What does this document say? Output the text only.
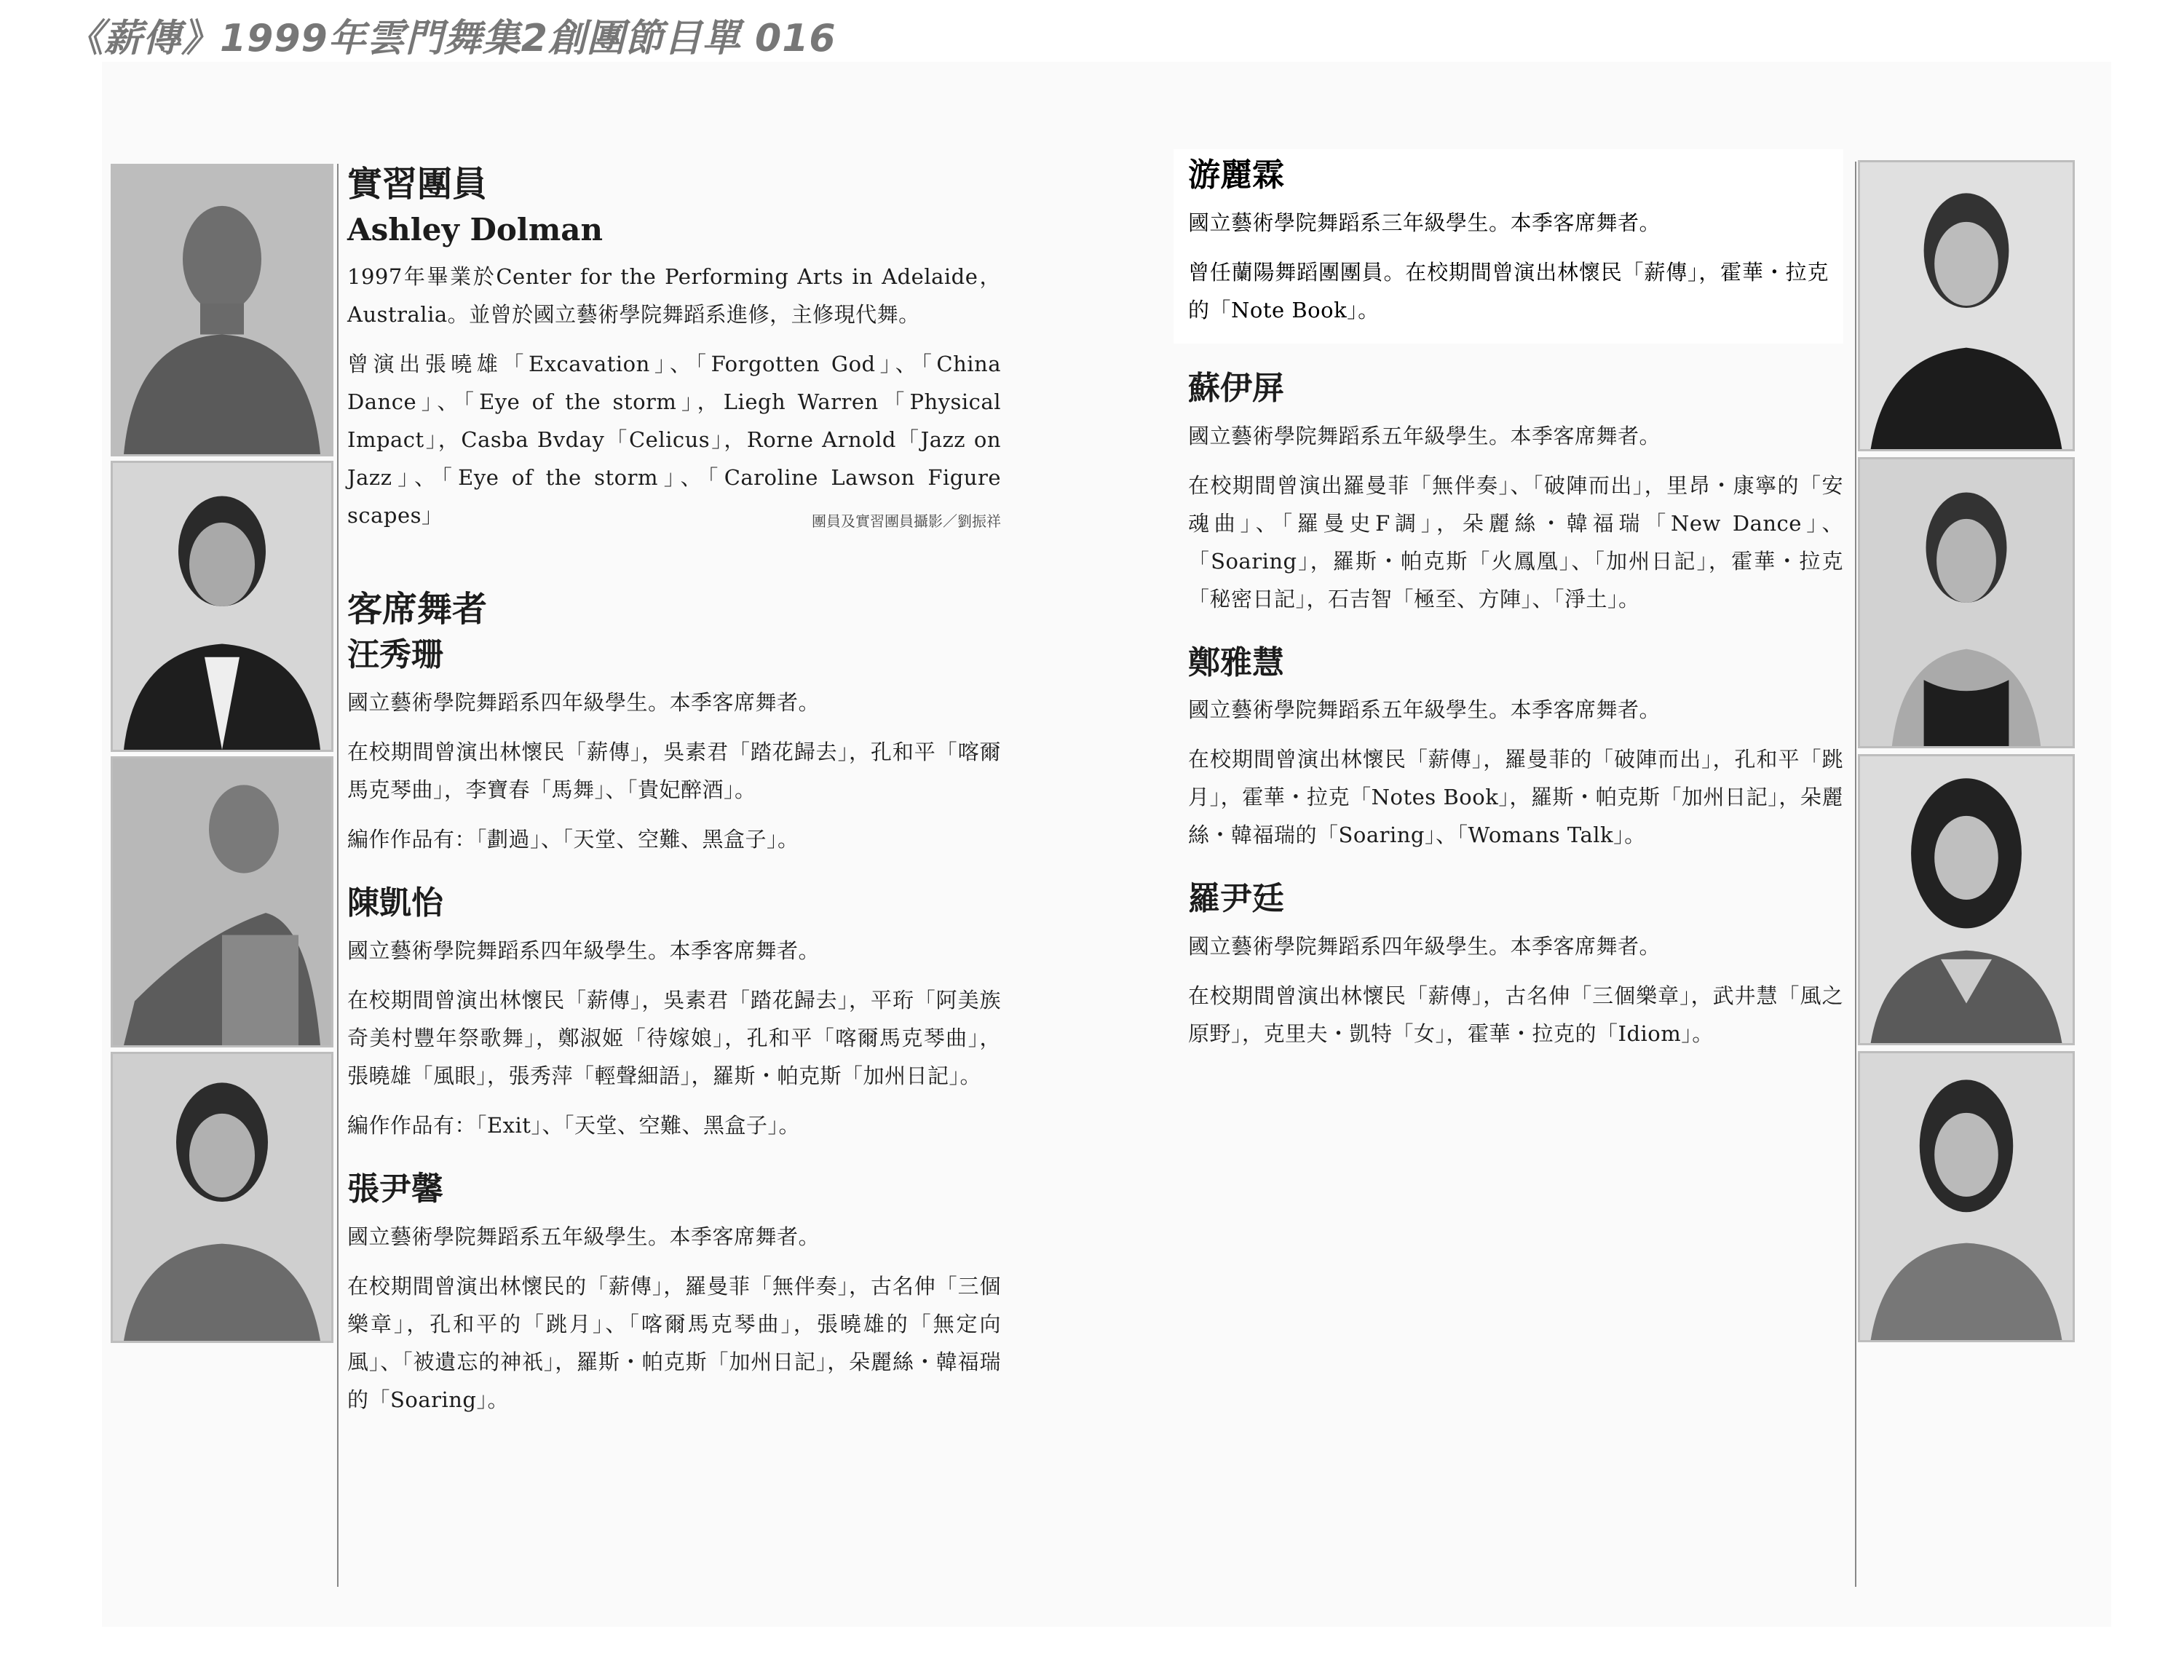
《薪傳》1999年雲門舞集2創團節目單 016
實習團員
Ashley Dolman

1997年畢業於Center for the Performing Arts in Adelaide，Australia。並曾於國立藝術學院舞蹈系進修，主修現代舞。

曾演出張曉雄「Excavation」、「Forgotten God」、「China Dance」、「Eye of the storm」，Liegh Warren「Physical Impact」，Casba Bvday「Celicus」，Rorne Arnold「Jazz on Jazz」、「Eye of the storm」、「Caroline Lawson Figure scapes」	團員及實習團員攝影／劉振祥
客席舞者
汪秀珊

國立藝術學院舞蹈系四年級學生。本季客席舞者。

在校期間曾演出林懷民「薪傳」，吳素君「踏花歸去」，孔和平「喀爾馬克琴曲」，李寶春「馬舞」、「貴妃醉酒」。

編作作品有：「劃過」、「天堂、空難、黑盒子」。

陳凱怡

國立藝術學院舞蹈系四年級學生。本季客席舞者。

在校期間曾演出林懷民「薪傳」，吳素君「踏花歸去」，平珩「阿美族奇美村豐年祭歌舞」，鄭淑姬「待嫁娘」，孔和平「喀爾馬克琴曲」，張曉雄「風眼」，張秀萍「輕聲細語」，羅斯・帕克斯「加州日記」。

編作作品有：「Exit」、「天堂、空難、黑盒子」。

張尹馨

國立藝術學院舞蹈系五年級學生。本季客席舞者。

在校期間曾演出林懷民的「薪傳」，羅曼菲「無伴奏」，古名伸「三個樂章」，孔和平的「跳月」、「喀爾馬克琴曲」，張曉雄的「無定向風」、「被遺忘的神祇」，羅斯・帕克斯「加州日記」，朵麗絲・韓福瑞的「Soaring」。

游麗霖

國立藝術學院舞蹈系三年級學生。本季客席舞者。

曾任蘭陽舞蹈團團員。在校期間曾演出林懷民「薪傳」，霍華・拉克的「Note Book」。

蘇伊屏

國立藝術學院舞蹈系五年級學生。本季客席舞者。

在校期間曾演出羅曼菲「無伴奏」、「破陣而出」，里昂・康寧的「安魂曲」、「羅曼史F調」，朵麗絲・韓福瑞「New Dance」、「Soaring」，羅斯・帕克斯「火鳳凰」、「加州日記」，霍華・拉克「秘密日記」，石吉智「極至、方陣」、「淨土」。

鄭雅慧

國立藝術學院舞蹈系五年級學生。本季客席舞者。

在校期間曾演出林懷民「薪傳」，羅曼菲的「破陣而出」，孔和平「跳月」，霍華・拉克「Notes Book」，羅斯・帕克斯「加州日記」，朵麗絲・韓福瑞的「Soaring」、「Womans Talk」。

羅尹廷

國立藝術學院舞蹈系四年級學生。本季客席舞者。

在校期間曾演出林懷民「薪傳」，古名伸「三個樂章」，武井慧「風之原野」，克里夫・凱特「女」，霍華・拉克的「Idiom」。
